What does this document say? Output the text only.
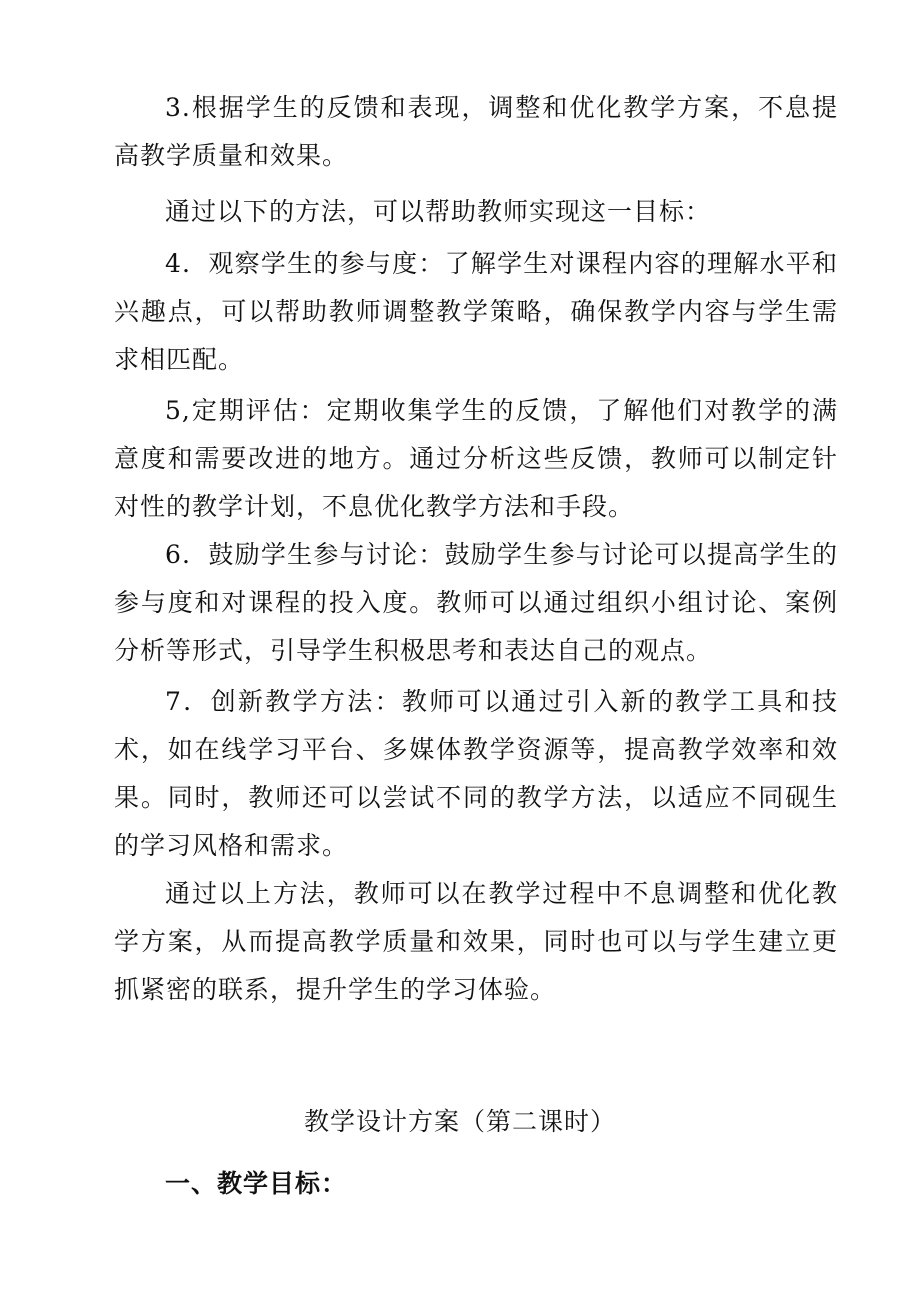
3.根据学生的反馈和表现，调整和优化教学方案，不息提高教学质量和效果。

通过以下的方法，可以帮助教师实现这一目标：

4．观察学生的参与度：了解学生对课程内容的理解水平和兴趣点，可以帮助教师调整教学策略，确保教学内容与学生需求相匹配。

5,定期评估：定期收集学生的反馈，了解他们对教学的满意度和需要改进的地方。通过分析这些反馈，教师可以制定针对性的教学计划，不息优化教学方法和手段。

6．鼓励学生参与讨论：鼓励学生参与讨论可以提高学生的参与度和对课程的投入度。教师可以通过组织小组讨论、案例分析等形式，引导学生积极思考和表达自己的观点。

7．创新教学方法：教师可以通过引入新的教学工具和技术，如在线学习平台、多媒体教学资源等，提高教学效率和效果。同时，教师还可以尝试不同的教学方法，以适应不同砚生的学习风格和需求。

通过以上方法，教师可以在教学过程中不息调整和优化教学方案，从而提高教学质量和效果，同时也可以与学生建立更抓紧密的联系，提升学生的学习体验。

教学设计方案（第二课时）
一、教学目标：
